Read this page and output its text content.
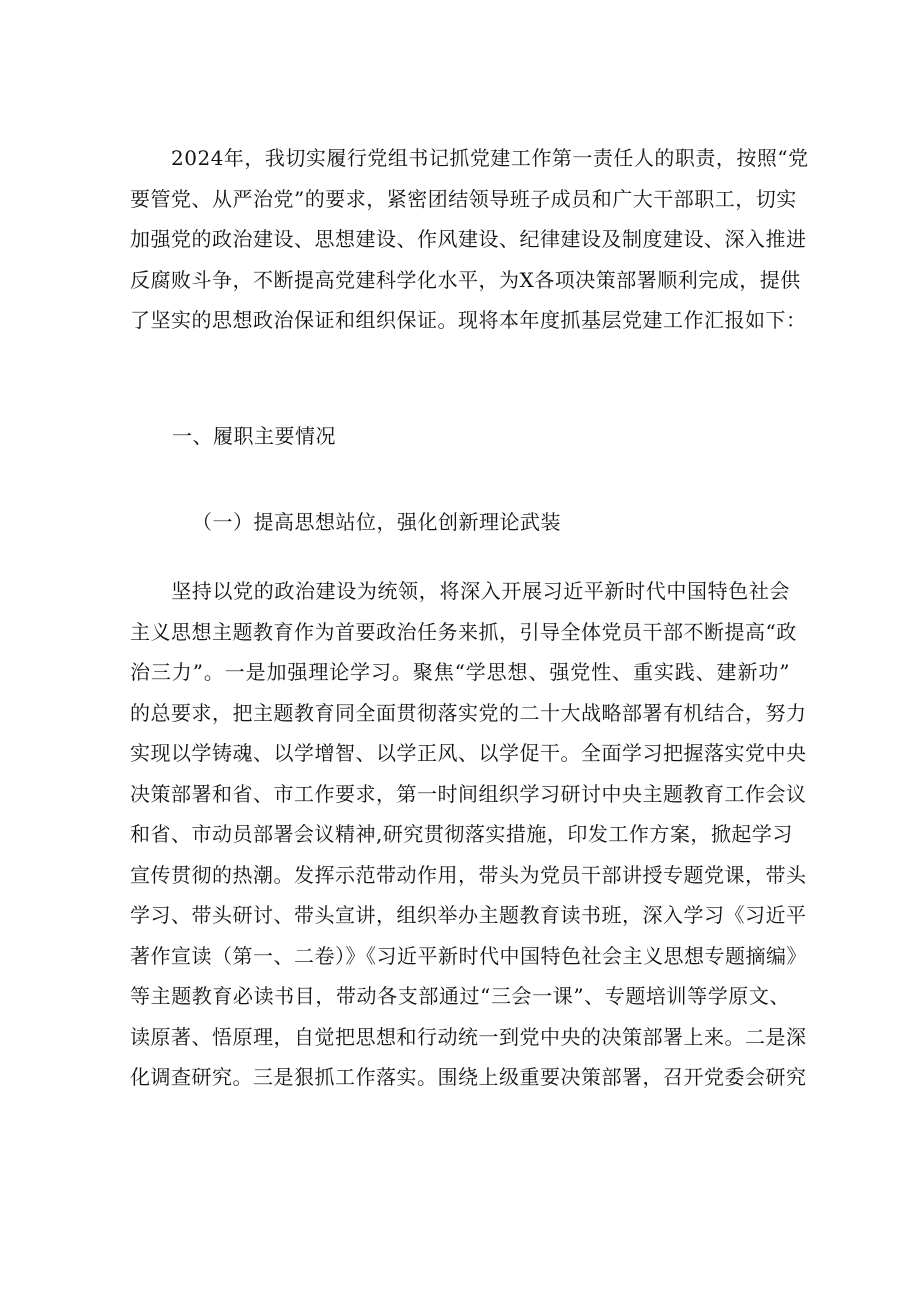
　　2024年，我切实履行党组书记抓党建工作第一责任人的职责，按照“党
要管党、从严治党”的要求，紧密团结领导班子成员和广大干部职工，切实
加强党的政治建设、思想建设、作风建设、纪律建设及制度建设、深入推进
反腐败斗争，不断提高党建科学化水平，为X各项决策部署顺利完成，提供
了坚实的思想政治保证和组织保证。现将本年度抓基层党建工作汇报如下：

一、履职主要情况

（一）提高思想站位，强化创新理论武装

　　坚持以党的政治建设为统领，将深入开展习近平新时代中国特色社会
主义思想主题教育作为首要政治任务来抓，引导全体党员干部不断提高“政
治三力”。一是加强理论学习。聚焦“学思想、强党性、重实践、建新功”
的总要求，把主题教育同全面贯彻落实党的二十大战略部署有机结合，努力
实现以学铸魂、以学增智、以学正风、以学促干。全面学习把握落实党中央
决策部署和省、市工作要求，第一时间组织学习研讨中央主题教育工作会议
和省、市动员部署会议精神,研究贯彻落实措施，印发工作方案，掀起学习
宣传贯彻的热潮。发挥示范带动作用，带头为党员干部讲授专题党课，带头
学习、带头研讨、带头宣讲，组织举办主题教育读书班，深入学习《习近平
著作宣读（第一、二卷）》《习近平新时代中国特色社会主义思想专题摘编》
等主题教育必读书目，带动各支部通过“三会一课”、专题培训等学原文、
读原著、悟原理，自觉把思想和行动统一到党中央的决策部署上来。二是深
化调查研究。三是狠抓工作落实。围绕上级重要决策部署，召开党委会研究
